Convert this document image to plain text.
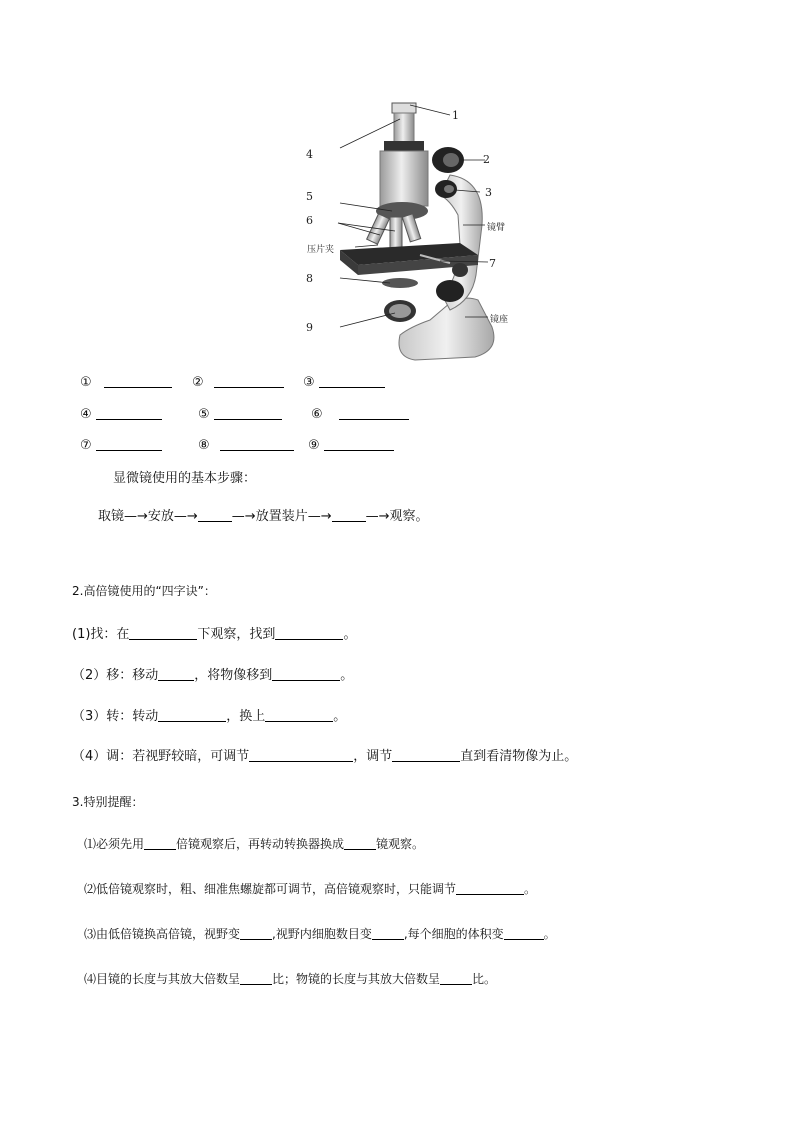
1
2
3
4
5
6
压片夹
镜臂
7
8
镜座
9
①	②	③
④	⑤	⑥
⑦	⑧	⑨
显微镜使用的基本步骤：
取镜—→安放—→	—→放置装片—→	—→观察。
2.高倍镜使用的“四字诀”：
(1)找：在	下观察，找到	。
（2）移：移动	，将物像移到	。
（3）转：转动	，换上	。
（4）调：若视野较暗，可调节	，调节	直到看清物像为止。
3.特别提醒：
⑴必须先用	倍镜观察后，再转动转换器换成	镜观察。
⑵低倍镜观察时，粗、细准焦螺旋都可调节，高倍镜观察时，只能调节	。
⑶由低倍镜换高倍镜，视野变	,视野内细胞数目变	,每个细胞的体积变	。
⑷目镜的长度与其放大倍数呈	比；物镜的长度与其放大倍数呈	比。
